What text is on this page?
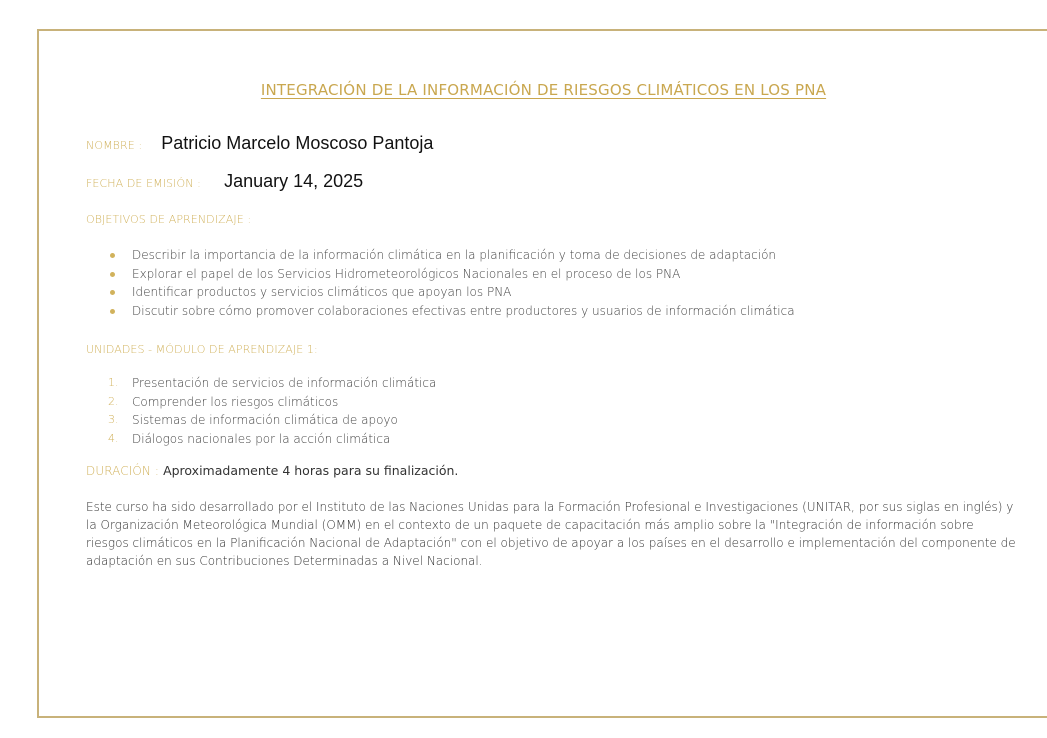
INTEGRACIÓN DE LA INFORMACIÓN DE RIESGOS CLIMÁTICOS EN LOS PNA
NOMBRE : Patricio Marcelo Moscoso Pantoja
FECHA DE EMISIÓN : January 14, 2025
OBJETIVOS DE APRENDIZAJE :
Describir la importancia de la información climática en la planificación y toma de decisiones de adaptación
Explorar el papel de los Servicios Hidrometeorológicos Nacionales en el proceso de los PNA
Identificar productos y servicios climáticos que apoyan los PNA
Discutir sobre cómo promover colaboraciones efectivas entre productores y usuarios de información climática
UNIDADES - MÓDULO DE APRENDIZAJE 1:
1. Presentación de servicios de información climática
2. Comprender los riesgos climáticos
3. Sistemas de información climática de apoyo
4. Diálogos nacionales por la acción climática
DURACIÓN : Aproximadamente 4 horas para su finalización.

Este curso ha sido desarrollado por el Instituto de las Naciones Unidas para la Formación Profesional e Investigaciones (UNITAR, por sus siglas en inglés) y la Organización Meteorológica Mundial (OMM) en el contexto de un paquete de capacitación más amplio sobre la "Integración de información sobre riesgos climáticos en la Planificación Nacional de Adaptación" con el objetivo de apoyar a los países en el desarrollo e implementación del componente de adaptación en sus Contribuciones Determinadas a Nivel Nacional.
